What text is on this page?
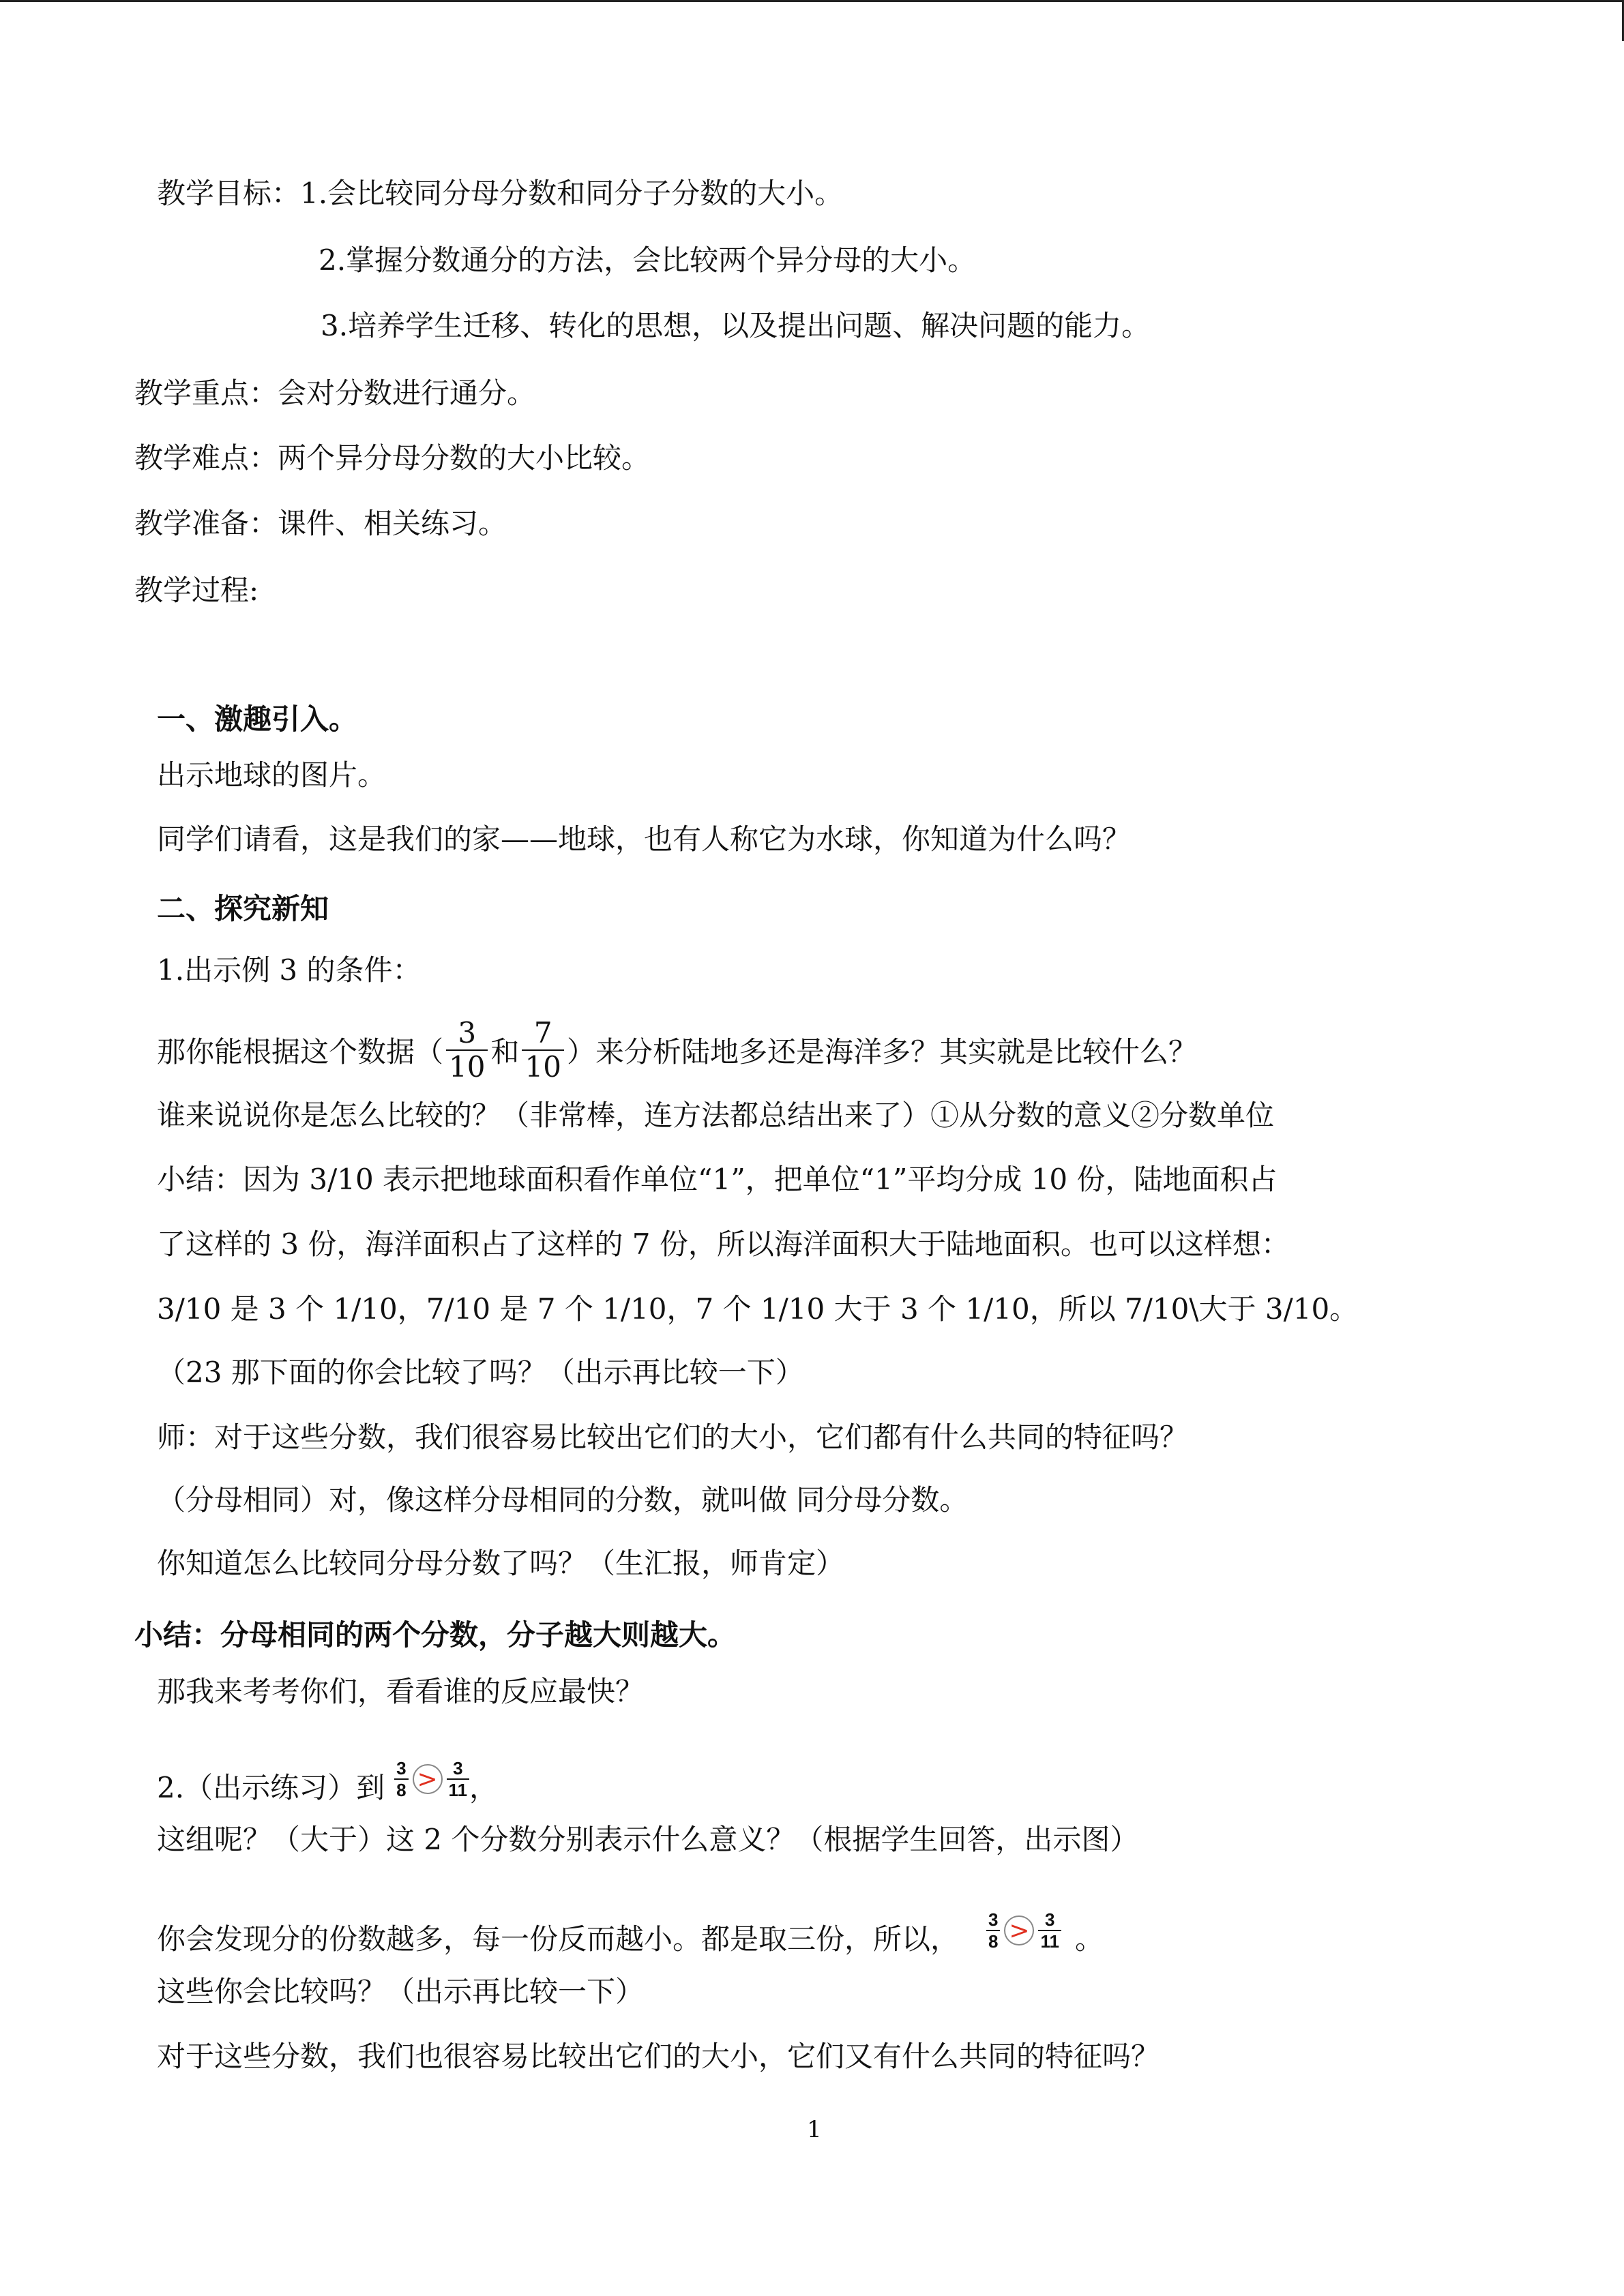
教学目标：1.会比较同分母分数和同分子分数的大小。
2.掌握分数通分的方法，会比较两个异分母的大小。
3.培养学生迁移、转化的思想，以及提出问题、解决问题的能力。
教学重点：会对分数进行通分。
教学难点：两个异分母分数的大小比较。
教学准备：课件、相关练习。
教学过程:
一、激趣引入。
出示地球的图片。
同学们请看，这是我们的家——地球，也有人称它为水球，你知道为什么吗？
二、探究新知
1.出示例 3 的条件：
那你能根据这个数据（ $\frac{3}{10}$ 和 $\frac{7}{10}$ ）来分析陆地多还是海洋多？其实就是比较什么？
谁来说说你是怎么比较的？（非常棒，连方法都总结出来了）①从分数的意义②分数单位
小结：因为 3/10 表示把地球面积看作单位“1”，把单位“1”平均分成 10 份，陆地面积占
了这样的 3 份，海洋面积占了这样的 7 份，所以海洋面积大于陆地面积。也可以这样想：
3/10 是 3 个 1/10，7/10 是 7 个 1/10，7 个 1/10 大于 3 个 1/10，所以 7/10\大于 3/10。
（23 那下面的你会比较了吗？（出示再比较一下）
师：对于这些分数，我们很容易比较出它们的大小，它们都有什么共同的特征吗？
（分母相同）对，像这样分母相同的分数，就叫做 同分母分数。
你知道怎么比较同分母分数了吗？（生汇报，师肯定）
小结：分母相同的两个分数，分子越大则越大。
那我来考考你们，看看谁的反应最快？
2.（出示练习）到 $\frac{3}{8} > \frac{3}{11}$ ，
这组呢？（大于）这 2 个分数分别表示什么意义？（根据学生回答，出示图）
你会发现分的份数越多，每一份反而越小。都是取三份，所以， $\frac{3}{8} > \frac{3}{11}$ 。
这些你会比较吗？（出示再比较一下）
对于这些分数，我们也很容易比较出它们的大小，它们又有什么共同的特征吗？
1
